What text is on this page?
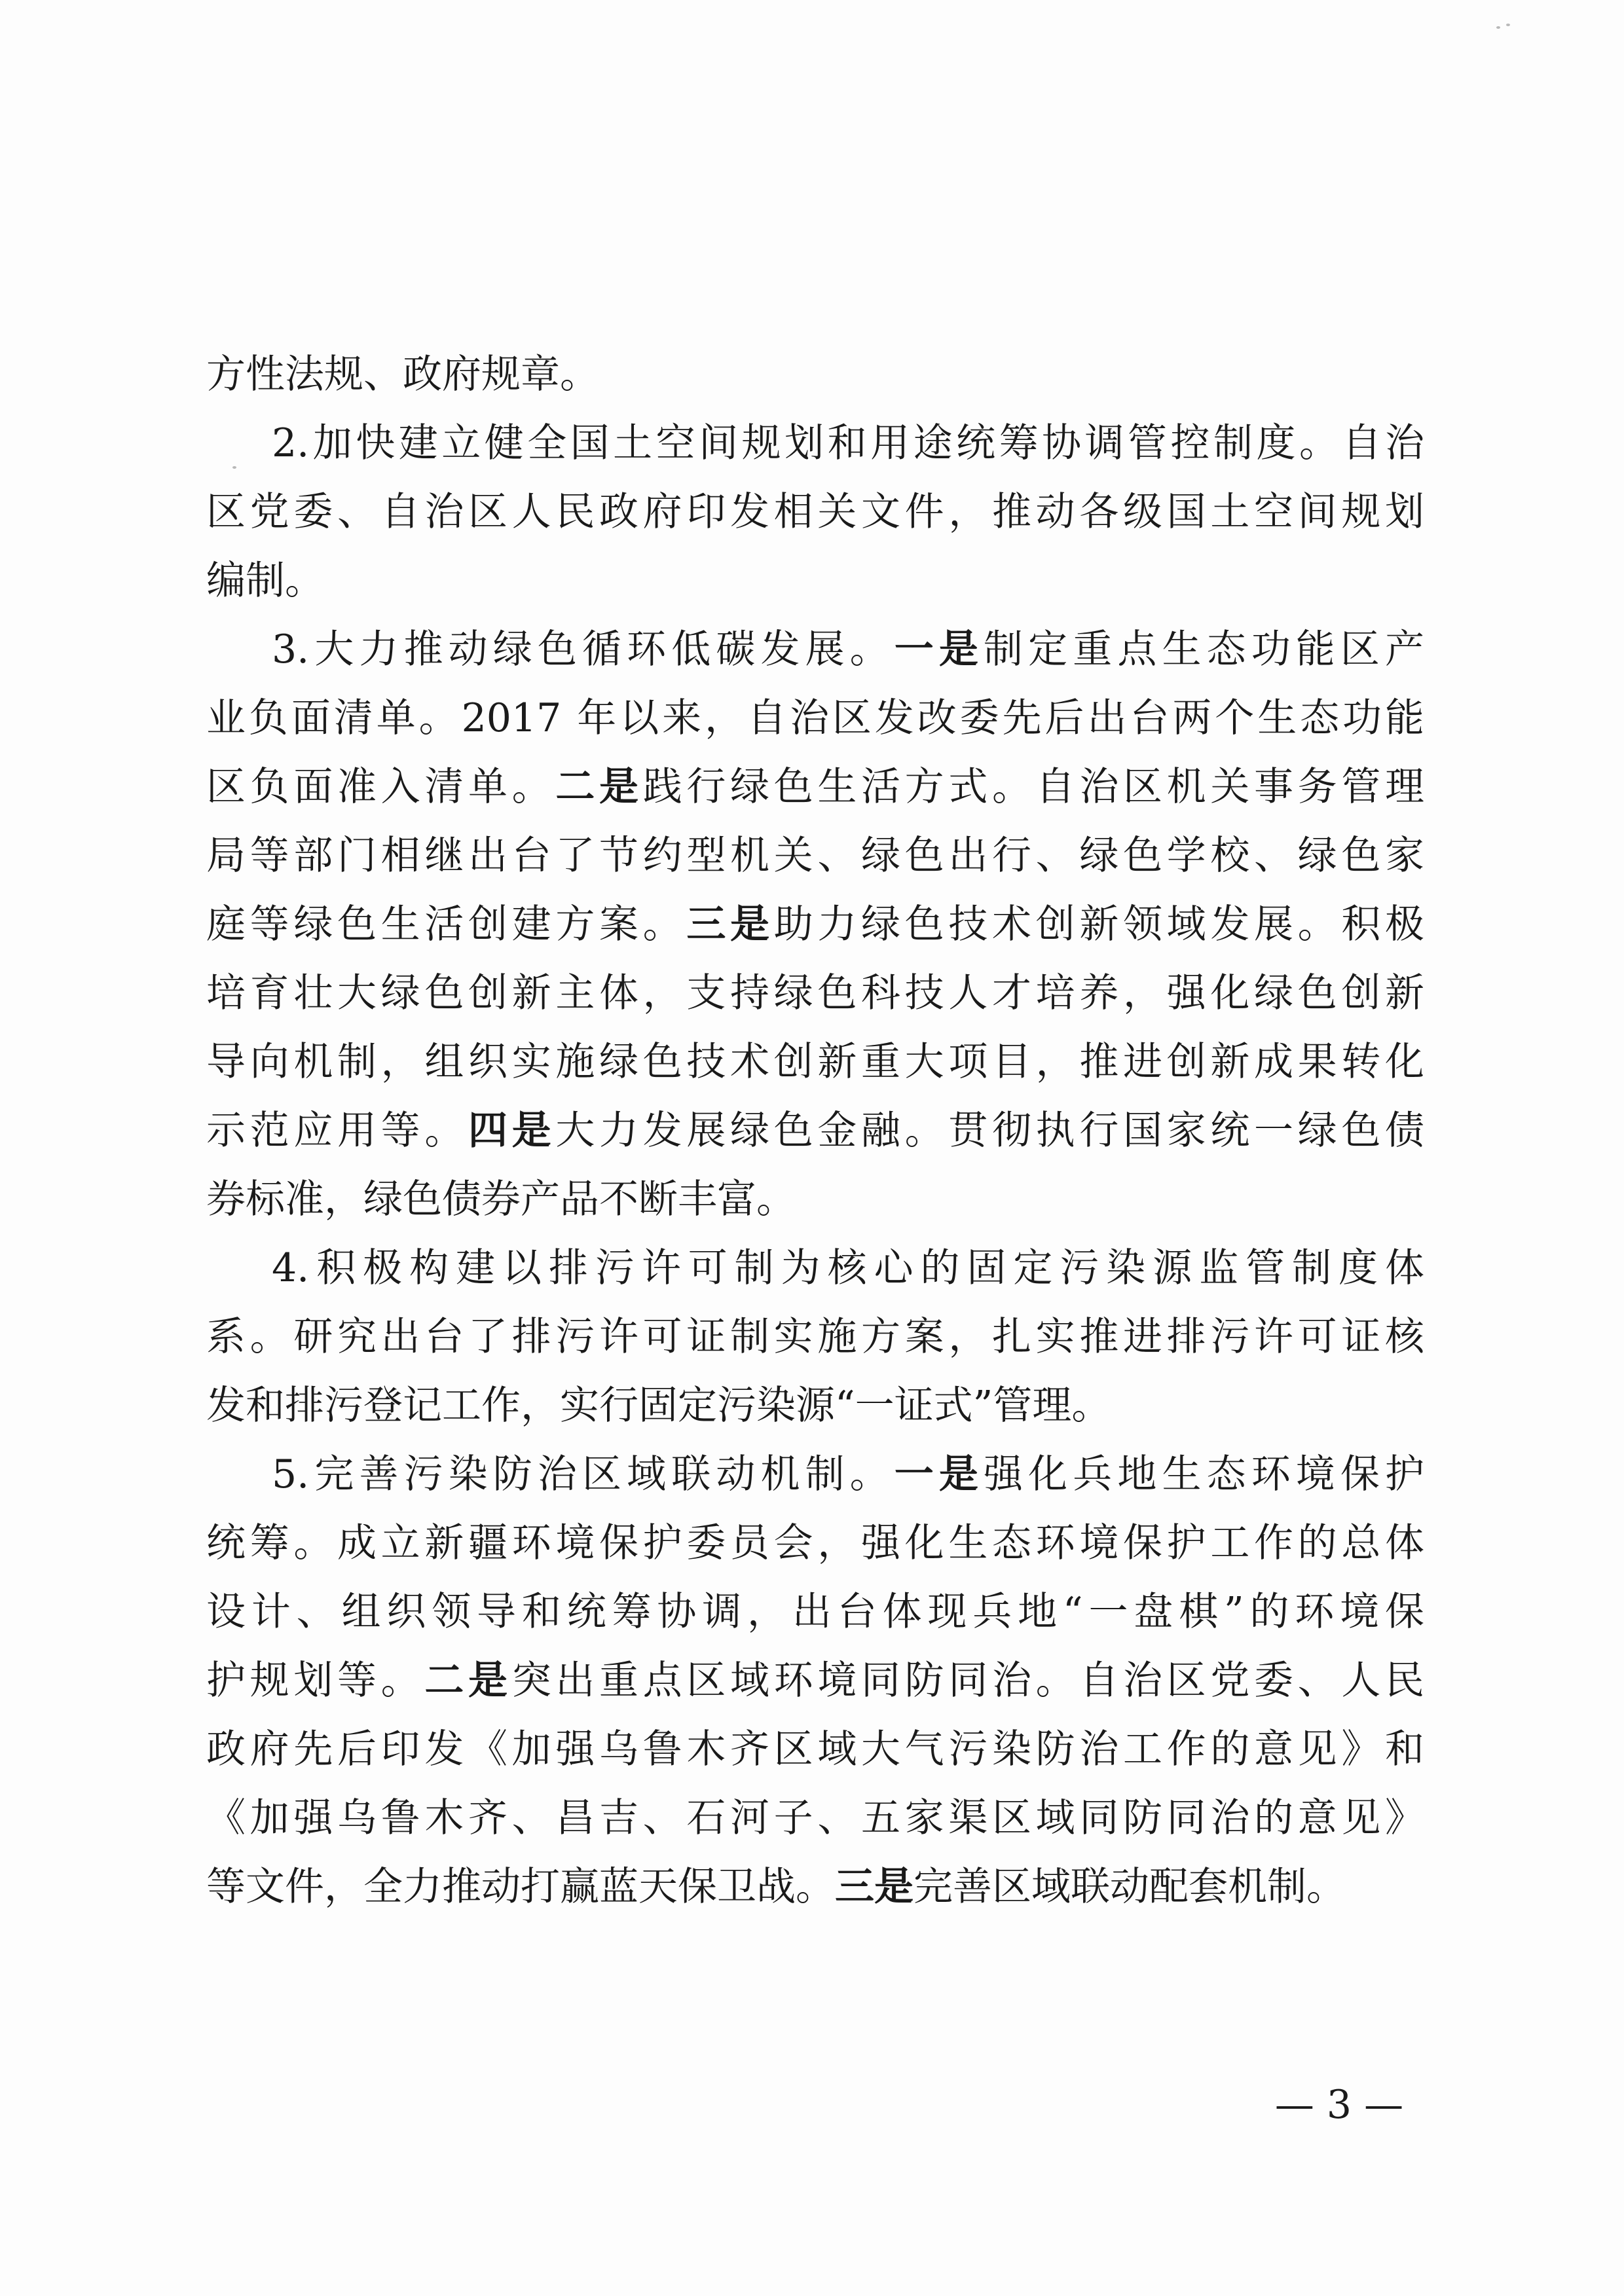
方性法规、政府规章。
2.加快建立健全国土空间规划和用途统筹协调管控制度。自治
区党委、自治区人民政府印发相关文件，推动各级国土空间规划
编制。
3.大力推动绿色循环低碳发展。一是制定重点生态功能区产
业负面清单。2017 年以来，自治区发改委先后出台两个生态功能
区负面准入清单。二是践行绿色生活方式。自治区机关事务管理
局等部门相继出台了节约型机关、绿色出行、绿色学校、绿色家
庭等绿色生活创建方案。三是助力绿色技术创新领域发展。积极
培育壮大绿色创新主体，支持绿色科技人才培养，强化绿色创新
导向机制，组织实施绿色技术创新重大项目，推进创新成果转化
示范应用等。四是大力发展绿色金融。贯彻执行国家统一绿色债
券标准，绿色债券产品不断丰富。
4.积极构建以排污许可制为核心的固定污染源监管制度体
系。研究出台了排污许可证制实施方案，扎实推进排污许可证核
发和排污登记工作，实行固定污染源“一证式”管理。
5.完善污染防治区域联动机制。一是强化兵地生态环境保护
统筹。成立新疆环境保护委员会，强化生态环境保护工作的总体
设计、组织领导和统筹协调，出台体现兵地“一盘棋”的环境保
护规划等。二是突出重点区域环境同防同治。自治区党委、人民
政府先后印发《加强乌鲁木齐区域大气污染防治工作的意见》和
《加强乌鲁木齐、昌吉、石河子、五家渠区域同防同治的意见》
等文件，全力推动打赢蓝天保卫战。三是完善区域联动配套机制。
— 3 —
